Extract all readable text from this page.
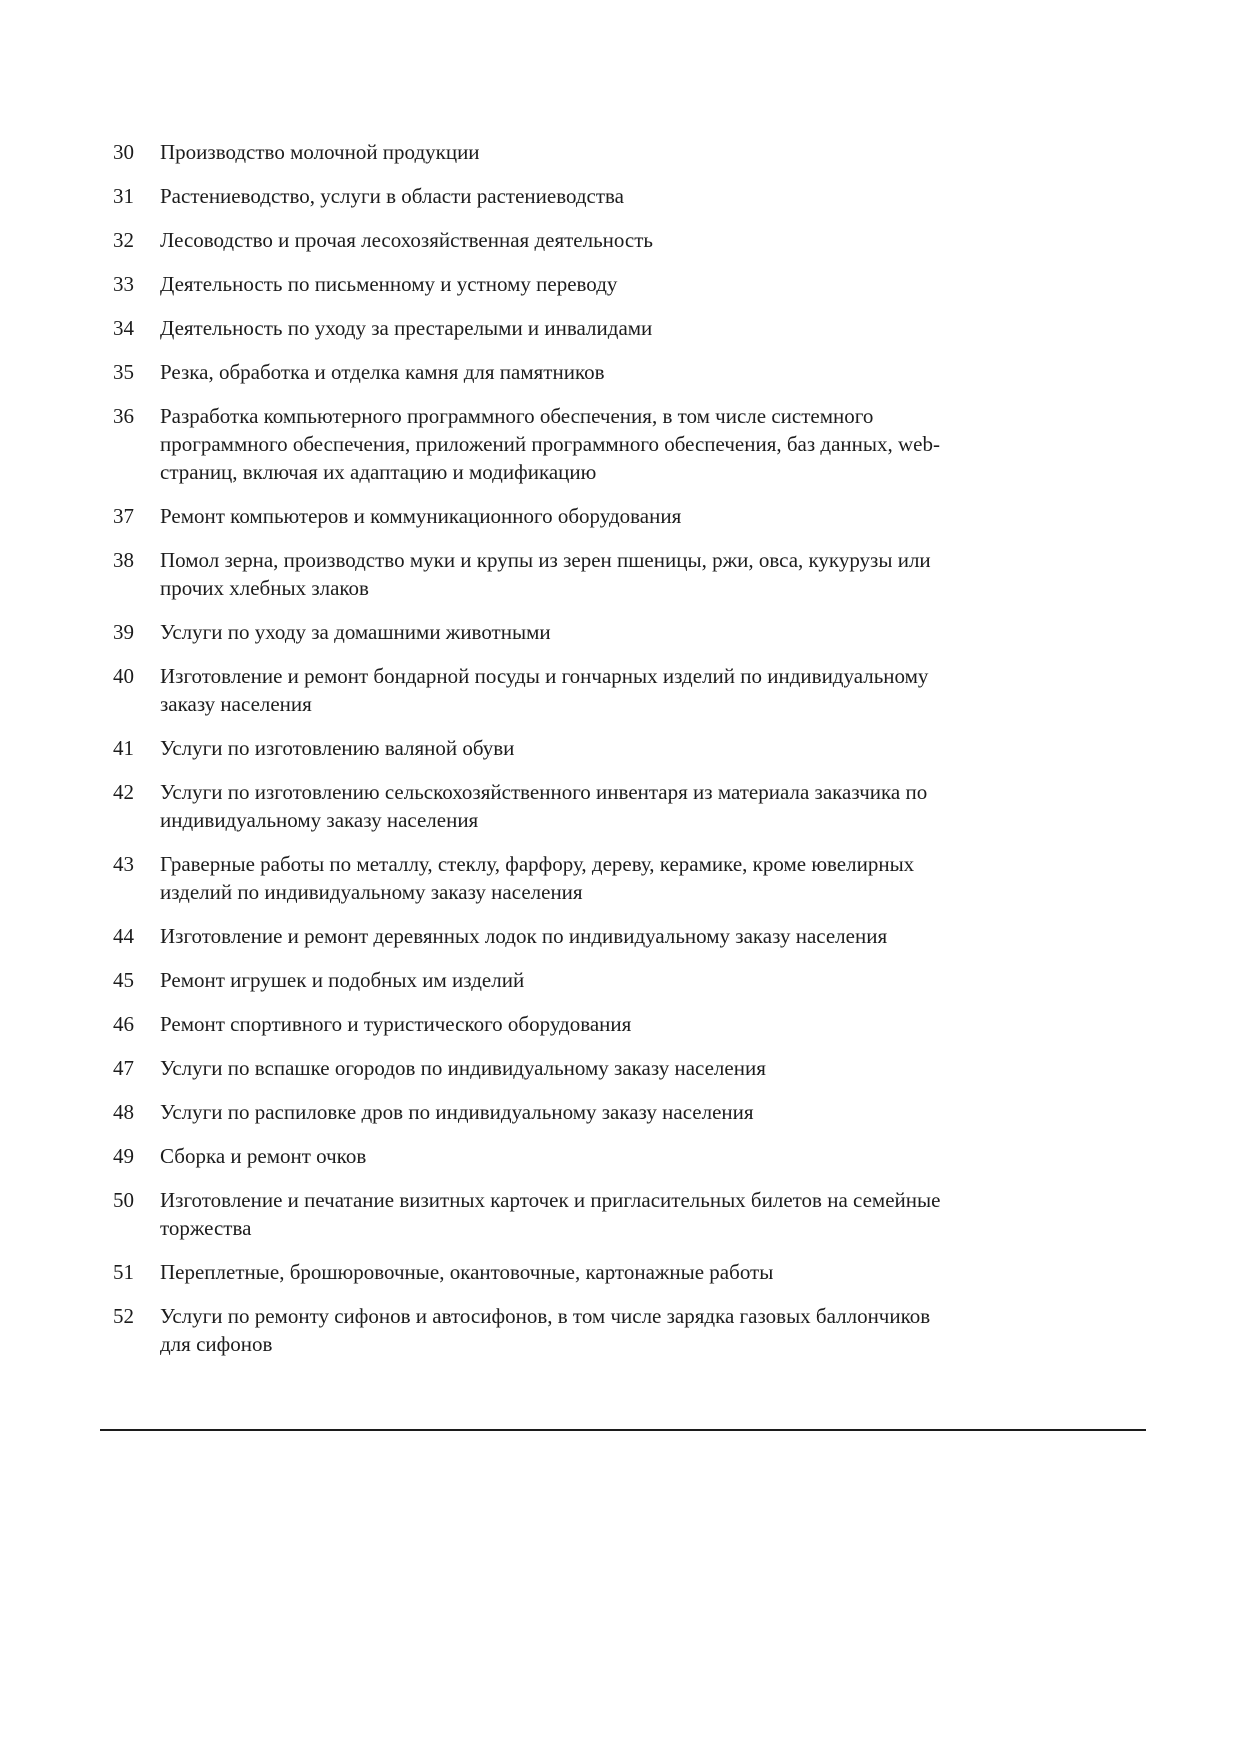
30	Производство молочной продукции
31	Растениеводство, услуги в области растениеводства
32	Лесоводство и прочая лесохозяйственная деятельность
33	Деятельность по письменному и устному переводу
34	Деятельность по уходу за престарелыми и инвалидами
35	Резка, обработка и отделка камня для памятников
36	Разработка компьютерного программного обеспечения, в том числе системного программного обеспечения, приложений программного обеспечения, баз данных, web-страниц, включая их адаптацию и модификацию
37	Ремонт компьютеров и коммуникационного оборудования
38	Помол зерна, производство муки и крупы из зерен пшеницы, ржи, овса, кукурузы или прочих хлебных злаков
39	Услуги по уходу за домашними животными
40	Изготовление и ремонт бондарной посуды и гончарных изделий по индивидуальному заказу населения
41	Услуги по изготовлению валяной обуви
42	Услуги по изготовлению сельскохозяйственного инвентаря из материала заказчика по индивидуальному заказу населения
43	Граверные работы по металлу, стеклу, фарфору, дереву, керамике, кроме ювелирных изделий по индивидуальному заказу населения
44	Изготовление и ремонт деревянных лодок по индивидуальному заказу населения
45	Ремонт игрушек и подобных им изделий
46	Ремонт спортивного и туристического оборудования
47	Услуги по вспашке огородов по индивидуальному заказу населения
48	Услуги по распиловке дров по индивидуальному заказу населения
49	Сборка и ремонт очков
50	Изготовление и печатание визитных карточек и пригласительных билетов на семейные торжества
51	Переплетные, брошюровочные, окантовочные, картонажные работы
52	Услуги по ремонту сифонов и автосифонов, в том числе зарядка газовых баллончиков для сифонов
